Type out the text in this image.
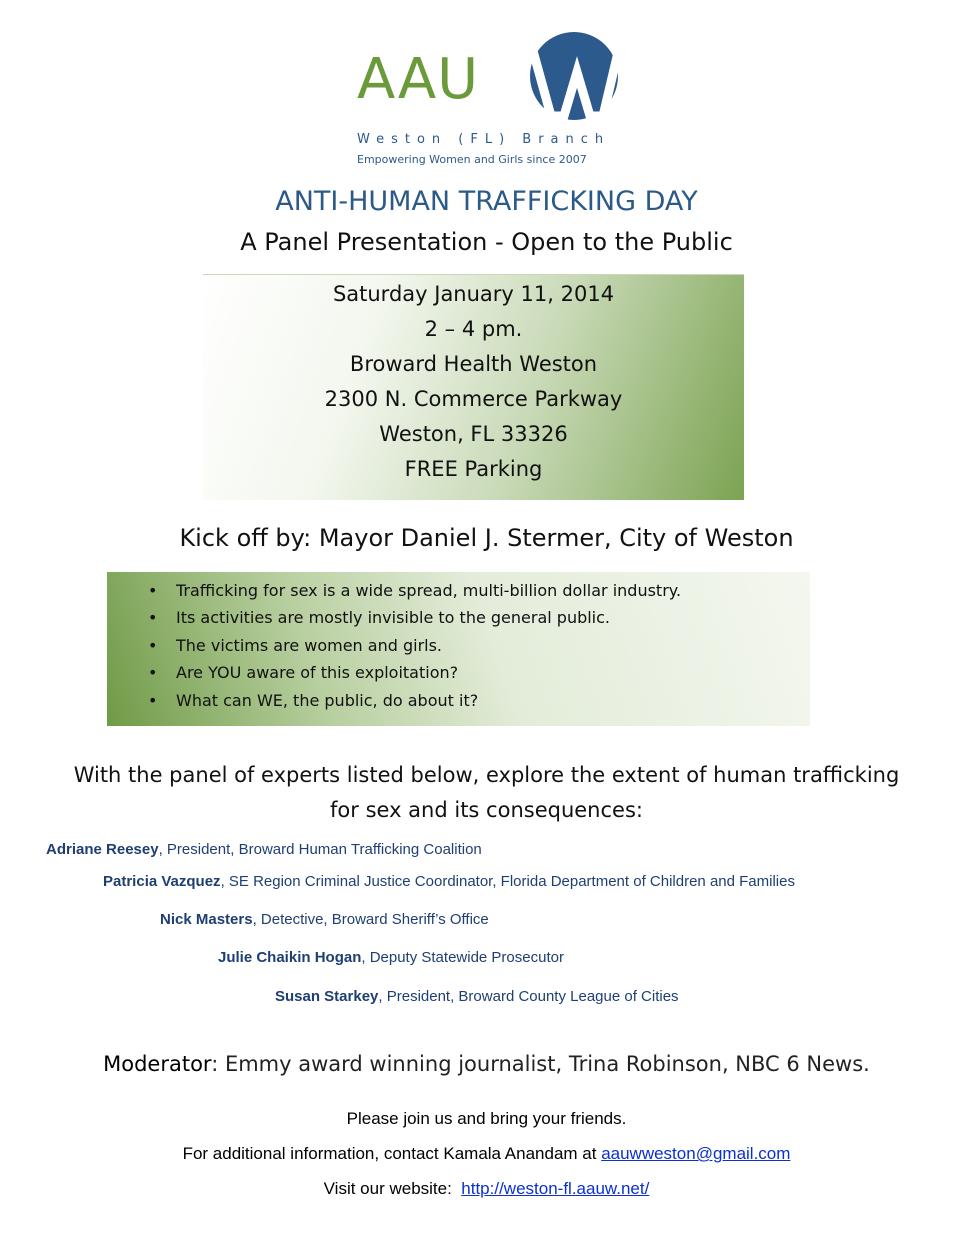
AAU
Weston (FL) Branch
Empowering Women and Girls since 2007
ANTI-HUMAN TRAFFICKING DAY
A Panel Presentation - Open to the Public
Saturday January 11, 2014
2 – 4 pm.
Broward Health Weston
2300 N. Commerce Parkway
Weston, FL 33326
FREE Parking
Kick off by: Mayor Daniel J. Stermer, City of Weston
• Trafficking for sex is a wide spread, multi-billion dollar industry.
• Its activities are mostly invisible to the general public.
• The victims are women and girls.
• Are YOU aware of this exploitation?
• What can WE, the public, do about it?
With the panel of experts listed below, explore the extent of human trafficking for sex and its consequences:
Adriane Reesey, President, Broward Human Trafficking Coalition
Patricia Vazquez, SE Region Criminal Justice Coordinator, Florida Department of Children and Families
Nick Masters, Detective, Broward Sheriff’s Office
Julie Chaikin Hogan, Deputy Statewide Prosecutor
Susan Starkey, President, Broward County League of Cities
Moderator: Emmy award winning journalist, Trina Robinson, NBC 6 News.
Please join us and bring your friends.
For additional information, contact Kamala Anandam at aauwweston@gmail.com
Visit our website:  http://weston-fl.aauw.net/
